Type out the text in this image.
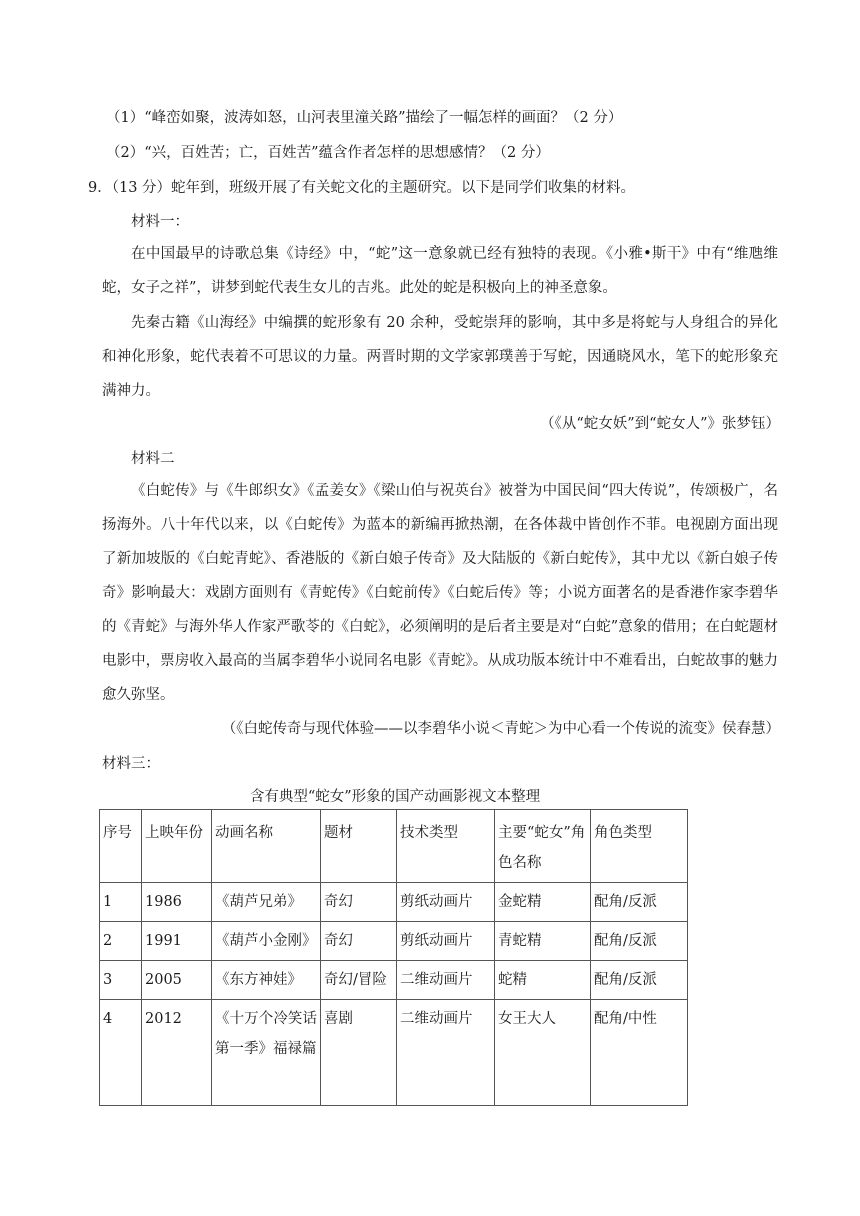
（1）“峰峦如聚，波涛如怒，山河表里潼关路”描绘了一幅怎样的画面？（2 分）
（2）“兴，百姓苦；亡，百姓苦”蕴含作者怎样的思想感情？（2 分）
9．（13 分）蛇年到，班级开展了有关蛇文化的主题研究。以下是同学们收集的材料。
材料一：
在中国最早的诗歌总集《诗经》中，“蛇”这一意象就已经有独特的表现。《小雅•斯干》中有“维虺维蛇，女子之祥”，讲梦到蛇代表生女儿的吉兆。此处的蛇是积极向上的神圣意象。
先秦古籍《山海经》中编撰的蛇形象有 20 余种，受蛇崇拜的影响，其中多是将蛇与人身组合的异化和神化形象，蛇代表着不可思议的力量。两晋时期的文学家郭璞善于写蛇，因通晓风水，笔下的蛇形象充满神力。
（《从“蛇女妖”到“蛇女人”》张梦钰）
材料二
《白蛇传》与《牛郎织女》《孟姜女》《梁山伯与祝英台》被誉为中国民间“四大传说”，传颂极广，名扬海外。八十年代以来，以《白蛇传》为蓝本的新编再掀热潮，在各体裁中皆创作不菲。电视剧方面出现了新加坡版的《白蛇青蛇》、香港版的《新白娘子传奇》及大陆版的《新白蛇传》，其中尤以《新白娘子传奇》影响最大：戏剧方面则有《青蛇传》《白蛇前传》《白蛇后传》等；小说方面著名的是香港作家李碧华的《青蛇》与海外华人作家严歌苓的《白蛇》，必须阐明的是后者主要是对“白蛇”意象的借用；在白蛇题材电影中，票房收入最高的当属李碧华小说同名电影《青蛇》。从成功版本统计中不难看出，白蛇故事的魅力愈久弥坚。
（《白蛇传奇与现代体验——以李碧华小说＜青蛇＞为中心看一个传说的流变》侯春慧）
材料三：
含有典型“蛇女”形象的国产动画影视文本整理
序号	上映年份	动画名称	题材	技术类型	主要“蛇女”角色名称	角色类型
1	1986	《葫芦兄弟》	奇幻	剪纸动画片	金蛇精	配角/反派
2	1991	《葫芦小金刚》	奇幻	剪纸动画片	青蛇精	配角/反派
3	2005	《东方神娃》	奇幻/冒险	二维动画片	蛇精	配角/反派
4	2012	《十万个冷笑话第一季》福禄篇	喜剧	二维动画片	女王大人	配角/中性
